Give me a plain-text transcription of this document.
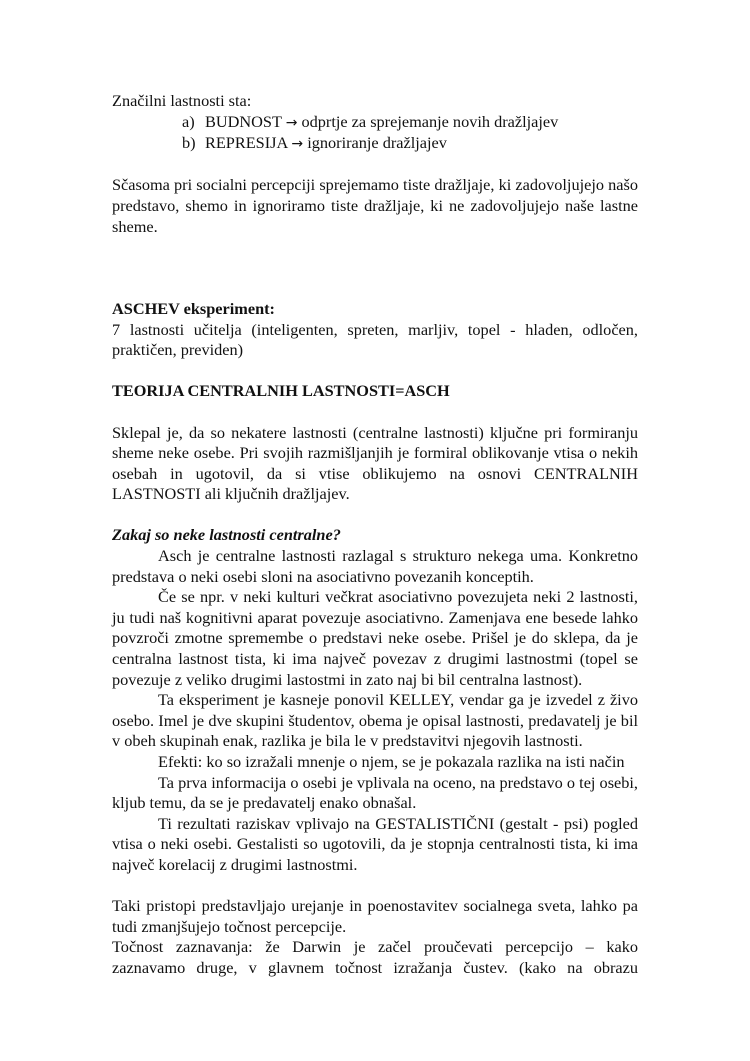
Značilni lastnosti sta:

a) BUDNOST → odprtje za sprejemanje novih dražljajev
b) REPRESIJA → ignoriranje dražljajev

Sčasoma pri socialni percepciji sprejemamo tiste dražljaje, ki zadovoljujejo našo predstavo, shemo in ignoriramo tiste dražljaje, ki ne zadovoljujejo naše lastne sheme.

ASCHEV eksperiment:

7 lastnosti učitelja (inteligenten, spreten, marljiv, topel - hladen, odločen, praktičen, previden)

TEORIJA CENTRALNIH LASTNOSTI=ASCH

Sklepal je, da so nekatere lastnosti (centralne lastnosti) ključne pri formiranju sheme neke osebe. Pri svojih razmišljanjih je formiral oblikovanje vtisa o nekih osebah in ugotovil, da si vtise oblikujemo na osnovi CENTRALNIH LASTNOSTI ali ključnih dražljajev.

Zakaj so neke lastnosti centralne?

Asch je centralne lastnosti razlagal s strukturo nekega uma. Konkretno predstava o neki osebi sloni na asociativno povezanih konceptih.

Če se npr. v neki kulturi večkrat asociativno povezujeta neki 2 lastnosti, ju tudi naš kognitivni aparat povezuje asociativno. Zamenjava ene besede lahko povzroči zmotne spremembe o predstavi neke osebe. Prišel je do sklepa, da je centralna lastnost tista, ki ima največ povezav z drugimi lastnostmi (topel se povezuje z veliko drugimi lastostmi in zato naj bi bil centralna lastnost).

Ta eksperiment je kasneje ponovil KELLEY, vendar ga je izvedel z živo osebo. Imel je dve skupini študentov, obema je opisal lastnosti, predavatelj je bil v obeh skupinah enak, razlika je bila le v predstavitvi njegovih lastnosti.

Efekti: ko so izražali mnenje o njem, se je pokazala razlika na isti način

Ta prva informacija o osebi je vplivala na oceno, na predstavo o tej osebi, kljub temu, da se je predavatelj enako obnašal.

Ti rezultati raziskav vplivajo na GESTALISTIČNI (gestalt - psi) pogled vtisa o neki osebi. Gestalisti so ugotovili, da je stopnja centralnosti tista, ki ima največ korelacij z drugimi lastnostmi.

Taki pristopi predstavljajo urejanje in poenostavitev socialnega sveta, lahko pa tudi zmanjšujejo točnost percepcije.

Točnost zaznavanja: že Darwin je začel proučevati percepcijo – kako zaznavamo druge, v glavnem točnost izražanja čustev. (kako na obrazu
